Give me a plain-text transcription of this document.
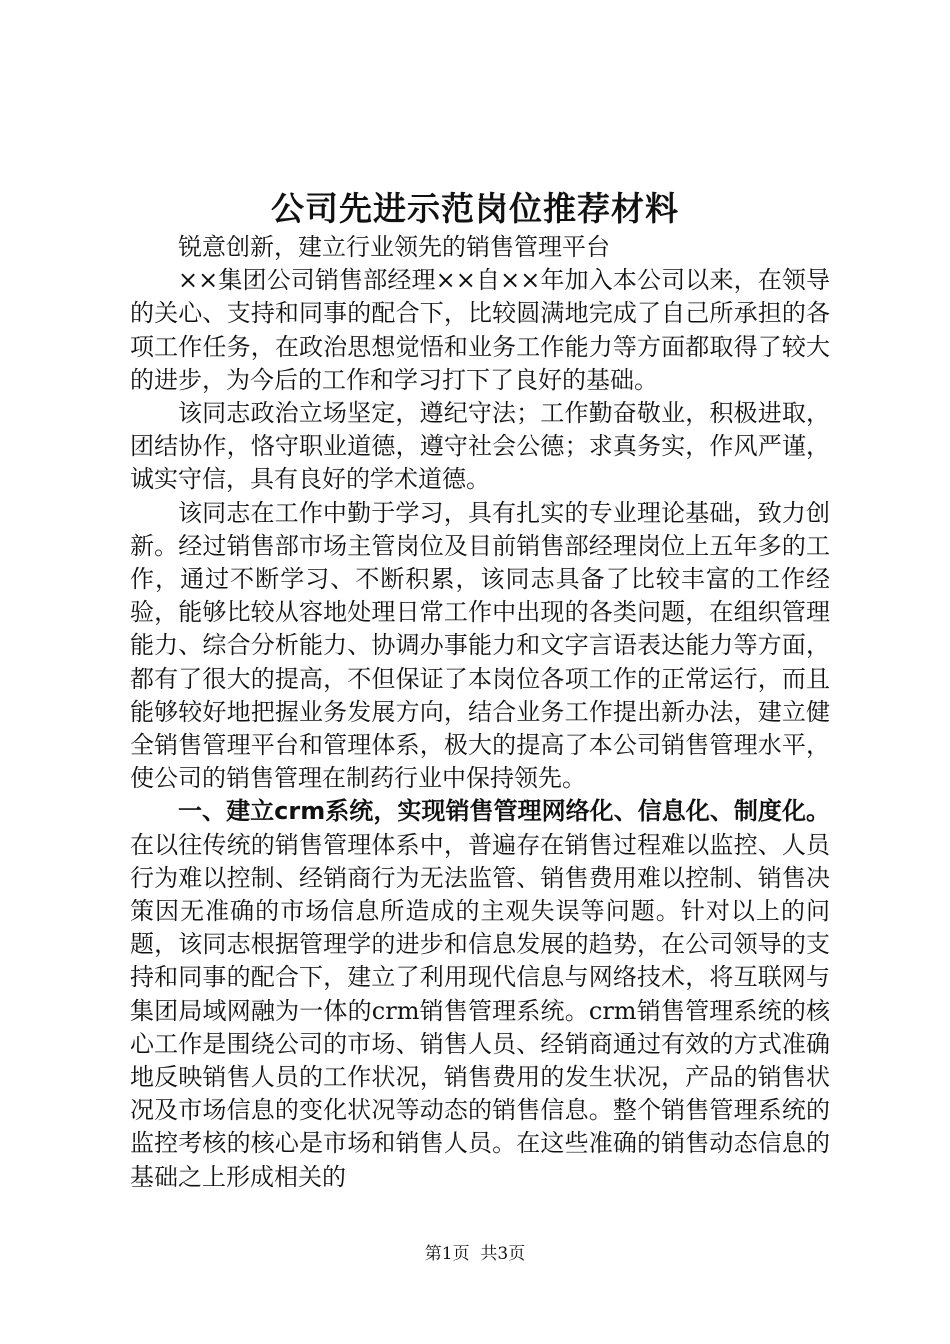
公司先进示范岗位推荐材料

锐意创新，建立行业领先的销售管理平台

××集团公司销售部经理××自××年加入本公司以来，在领导的关心、支持和同事的配合下，比较圆满地完成了自己所承担的各项工作任务，在政治思想觉悟和业务工作能力等方面都取得了较大的进步，为今后的工作和学习打下了良好的基础。

该同志政治立场坚定，遵纪守法；工作勤奋敬业，积极进取，团结协作，恪守职业道德，遵守社会公德；求真务实，作风严谨，诚实守信，具有良好的学术道德。

该同志在工作中勤于学习，具有扎实的专业理论基础，致力创新。经过销售部市场主管岗位及目前销售部经理岗位上五年多的工作，通过不断学习、不断积累，该同志具备了比较丰富的工作经验，能够比较从容地处理日常工作中出现的各类问题，在组织管理能力、综合分析能力、协调办事能力和文字言语表达能力等方面，都有了很大的提高，不但保证了本岗位各项工作的正常运行，而且能够较好地把握业务发展方向，结合业务工作提出新办法，建立健全销售管理平台和管理体系，极大的提高了本公司销售管理水平，使公司的销售管理在制药行业中保持领先。

一、建立crm系统，实现销售管理网络化、信息化、制度化。在以往传统的销售管理体系中，普遍存在销售过程难以监控、人员行为难以控制、经销商行为无法监管、销售费用难以控制、销售决策因无准确的市场信息所造成的主观失误等问题。针对以上的问题，该同志根据管理学的进步和信息发展的趋势，在公司领导的支持和同事的配合下，建立了利用现代信息与网络技术，将互联网与集团局域网融为一体的crm销售管理系统。crm销售管理系统的核心工作是围绕公司的市场、销售人员、经销商通过有效的方式准确地反映销售人员的工作状况，销售费用的发生状况，产品的销售状况及市场信息的变化状况等动态的销售信息。整个销售管理系统的监控考核的核心是市场和销售人员。在这些准确的销售动态信息的基础之上形成相关的

第1页  共3页
